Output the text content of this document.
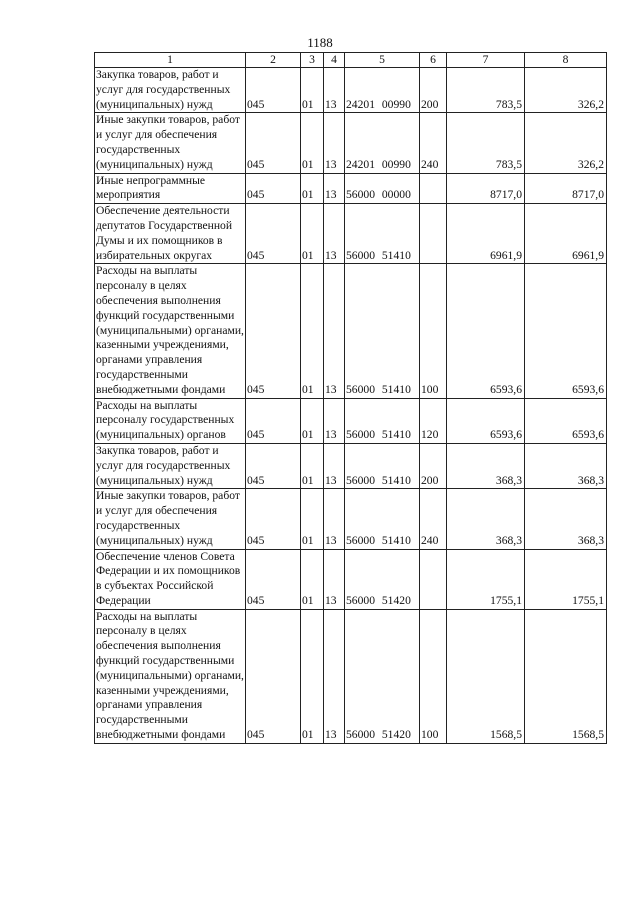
1188
1	2	3	4	5	6	7	8
Закупка товаров, работ и услуг для государственных (муниципальных) нужд	045	01	13	24201 00990	200	783,5	326,2
Иные закупки товаров, работ и услуг для обеспечения государственных (муниципальных) нужд	045	01	13	24201 00990	240	783,5	326,2
Иные непрограммные мероприятия	045	01	13	56000 00000		8717,0	8717,0
Обеспечение деятельности депутатов Государственной Думы и их помощников в избирательных округах	045	01	13	56000 51410		6961,9	6961,9
Расходы на выплаты персоналу в целях обеспечения выполнения функций государственными (муниципальными) органами, казенными учреждениями, органами управления государственными внебюджетными фондами	045	01	13	56000 51410	100	6593,6	6593,6
Расходы на выплаты персоналу государственных (муниципальных) органов	045	01	13	56000 51410	120	6593,6	6593,6
Закупка товаров, работ и услуг для государственных (муниципальных) нужд	045	01	13	56000 51410	200	368,3	368,3
Иные закупки товаров, работ и услуг для обеспечения государственных (муниципальных) нужд	045	01	13	56000 51410	240	368,3	368,3
Обеспечение членов Совета Федерации и их помощников в субъектах Российской Федерации	045	01	13	56000 51420		1755,1	1755,1
Расходы на выплаты персоналу в целях обеспечения выполнения функций государственными (муниципальными) органами, казенными учреждениями, органами управления государственными внебюджетными фондами	045	01	13	56000 51420	100	1568,5	1568,5
